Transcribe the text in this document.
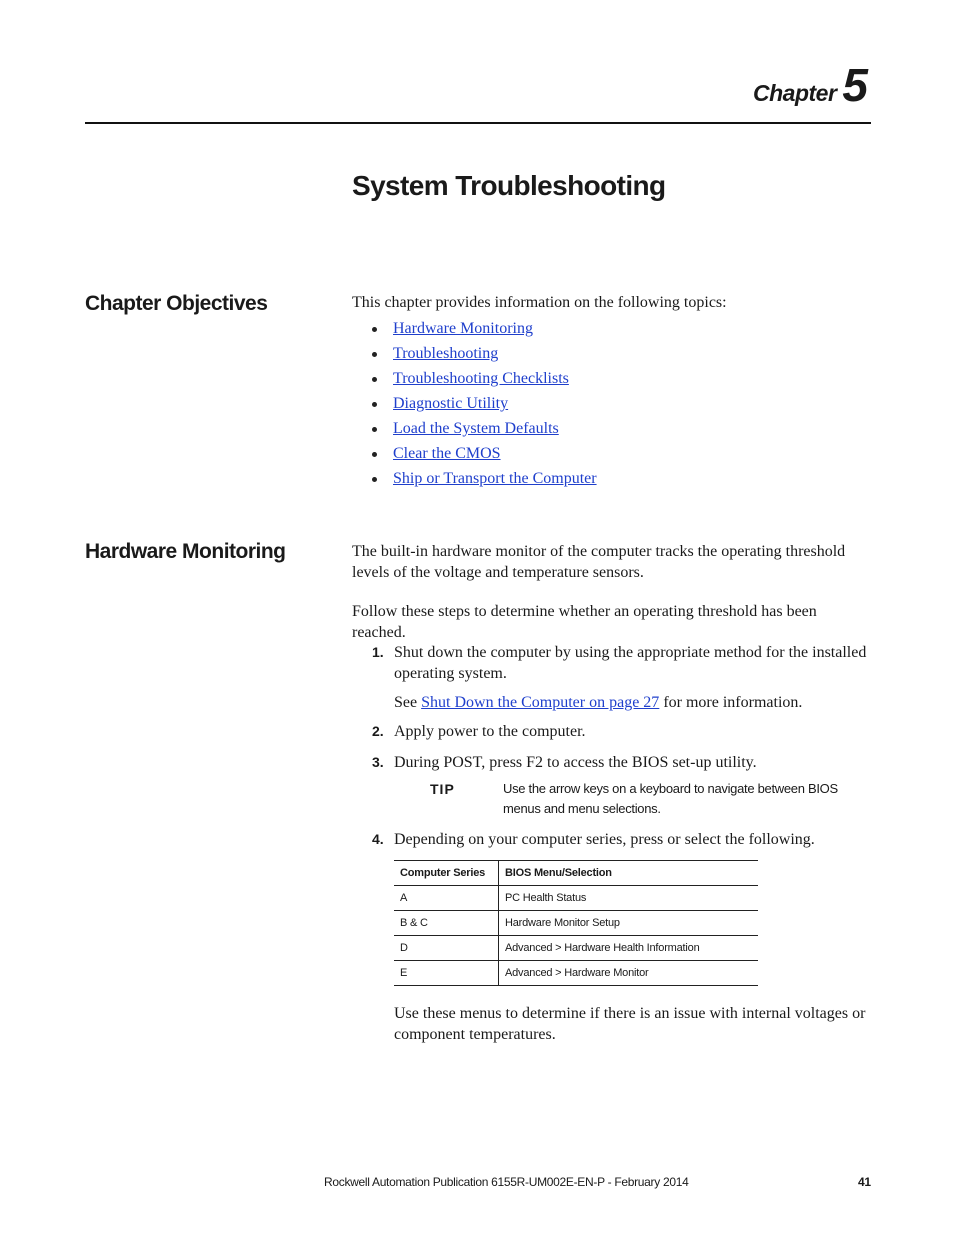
Chapter 5
System Troubleshooting
Chapter Objectives	This chapter provides information on the following topics:
Hardware Monitoring
Troubleshooting
Troubleshooting Checklists
Diagnostic Utility
Load the System Defaults
Clear the CMOS
Ship or Transport the Computer
Hardware Monitoring	The built-in hardware monitor of the computer tracks the operating threshold levels of the voltage and temperature sensors.
Follow these steps to determine whether an operating threshold has been reached.
1. Shut down the computer by using the appropriate method for the installed operating system.
See Shut Down the Computer on page 27 for more information.
2. Apply power to the computer.
3. During POST, press F2 to access the BIOS set-up utility.
TIP	Use the arrow keys on a keyboard to navigate between BIOS menus and menu selections.
4. Depending on your computer series, press or select the following.
Computer Series	BIOS Menu/Selection
A	PC Health Status
B & C	Hardware Monitor Setup
D	Advanced > Hardware Health Information
E	Advanced > Hardware Monitor
Use these menus to determine if there is an issue with internal voltages or component temperatures.
Rockwell Automation Publication 6155R-UM002E-EN-P - February 2014	41
